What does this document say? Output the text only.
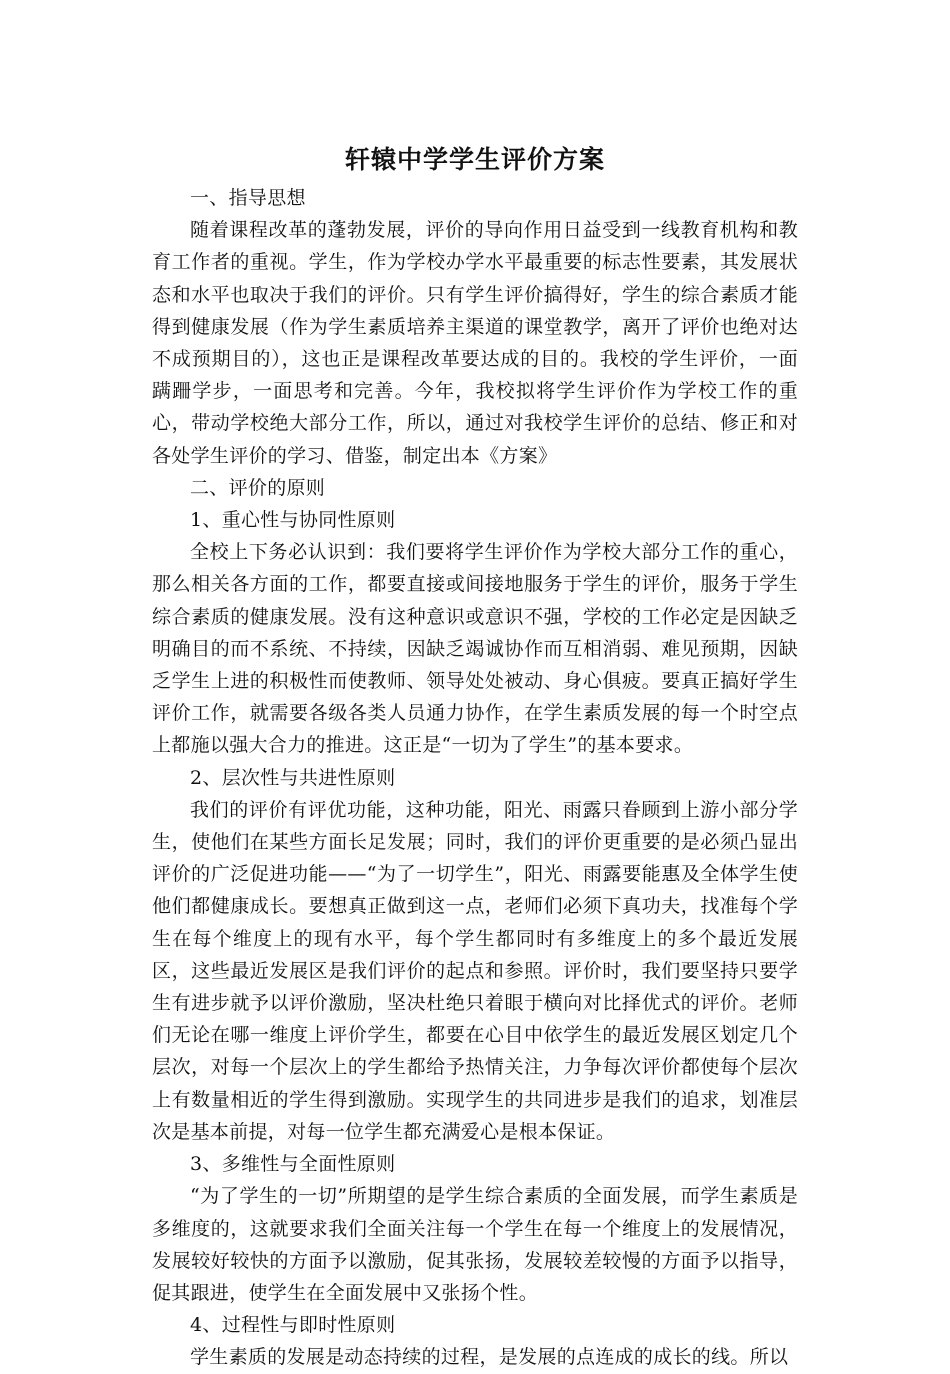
轩辕中学学生评价方案
一、指导思想
随着课程改革的蓬勃发展，评价的导向作用日益受到一线教育机构和教育工作者的重视。学生，作为学校办学水平最重要的标志性要素，其发展状态和水平也取决于我们的评价。只有学生评价搞得好，学生的综合素质才能得到健康发展（作为学生素质培养主渠道的课堂教学，离开了评价也绝对达不成预期目的），这也正是课程改革要达成的目的。我校的学生评价，一面蹒跚学步，一面思考和完善。今年，我校拟将学生评价作为学校工作的重心，带动学校绝大部分工作，所以，通过对我校学生评价的总结、修正和对各处学生评价的学习、借鉴，制定出本《方案》
二、评价的原则
1、重心性与协同性原则
全校上下务必认识到：我们要将学生评价作为学校大部分工作的重心，那么相关各方面的工作，都要直接或间接地服务于学生的评价，服务于学生综合素质的健康发展。没有这种意识或意识不强，学校的工作必定是因缺乏明确目的而不系统、不持续，因缺乏竭诚协作而互相消弱、难见预期，因缺乏学生上进的积极性而使教师、领导处处被动、身心俱疲。要真正搞好学生评价工作，就需要各级各类人员通力协作，在学生素质发展的每一个时空点上都施以强大合力的推进。这正是“一切为了学生”的基本要求。
2、层次性与共进性原则
我们的评价有评优功能，这种功能，阳光、雨露只眷顾到上游小部分学生，使他们在某些方面长足发展；同时，我们的评价更重要的是必须凸显出评价的广泛促进功能——“为了一切学生”，阳光、雨露要能惠及全体学生使他们都健康成长。要想真正做到这一点，老师们必须下真功夫，找准每个学生在每个维度上的现有水平，每个学生都同时有多维度上的多个最近发展区，这些最近发展区是我们评价的起点和参照。评价时，我们要坚持只要学生有进步就予以评价激励，坚决杜绝只着眼于横向对比择优式的评价。老师们无论在哪一维度上评价学生，都要在心目中依学生的最近发展区划定几个层次，对每一个层次上的学生都给予热情关注，力争每次评价都使每个层次上有数量相近的学生得到激励。实现学生的共同进步是我们的追求，划准层次是基本前提，对每一位学生都充满爱心是根本保证。
3、多维性与全面性原则
“为了学生的一切”所期望的是学生综合素质的全面发展，而学生素质是多维度的，这就要求我们全面关注每一个学生在每一个维度上的发展情况，发展较好较快的方面予以激励，促其张扬，发展较差较慢的方面予以指导，促其跟进，使学生在全面发展中又张扬个性。
4、过程性与即时性原则
学生素质的发展是动态持续的过程，是发展的点连成的成长的线。所以
